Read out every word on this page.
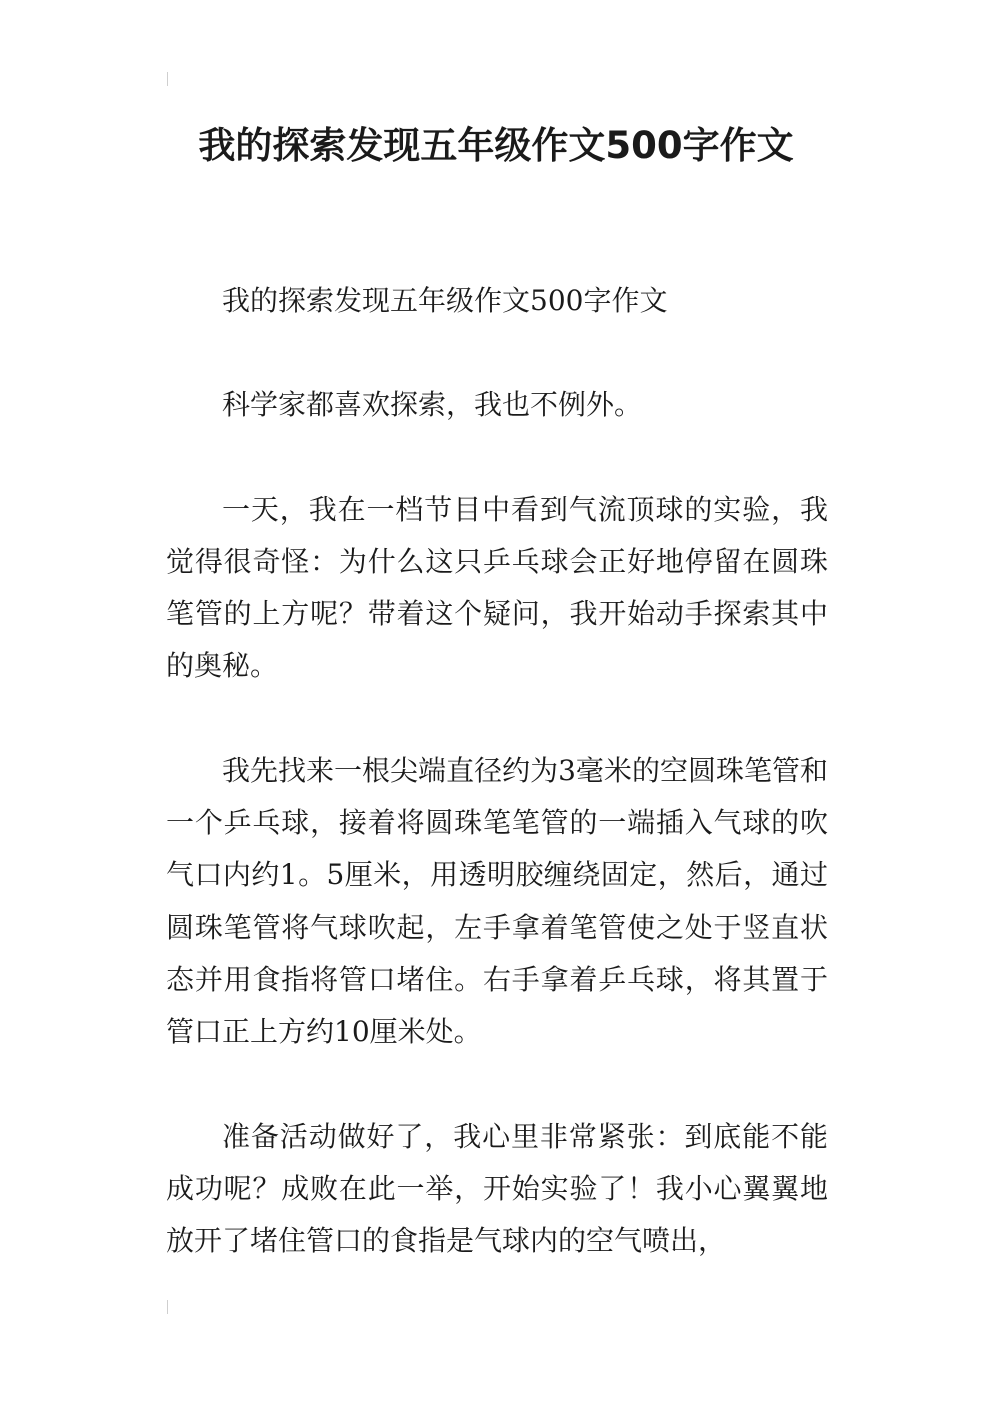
我的探索发现五年级作文500字作文

我的探索发现五年级作文500字作文

科学家都喜欢探索，我也不例外。

一天，我在一档节目中看到气流顶球的实验，我觉得很奇怪：为什么这只乒乓球会正好地停留在圆珠笔管的上方呢？带着这个疑问，我开始动手探索其中的奥秘。

我先找来一根尖端直径约为3毫米的空圆珠笔管和一个乒乓球，接着将圆珠笔笔管的一端插入气球的吹气口内约1。5厘米，用透明胶缠绕固定，然后，通过圆珠笔管将气球吹起，左手拿着笔管使之处于竖直状态并用食指将管口堵住。右手拿着乒乓球，将其置于管口正上方约10厘米处。

准备活动做好了，我心里非常紧张：到底能不能成功呢？成败在此一举，开始实验了！我小心翼翼地放开了堵住管口的食指是气球内的空气喷出，
